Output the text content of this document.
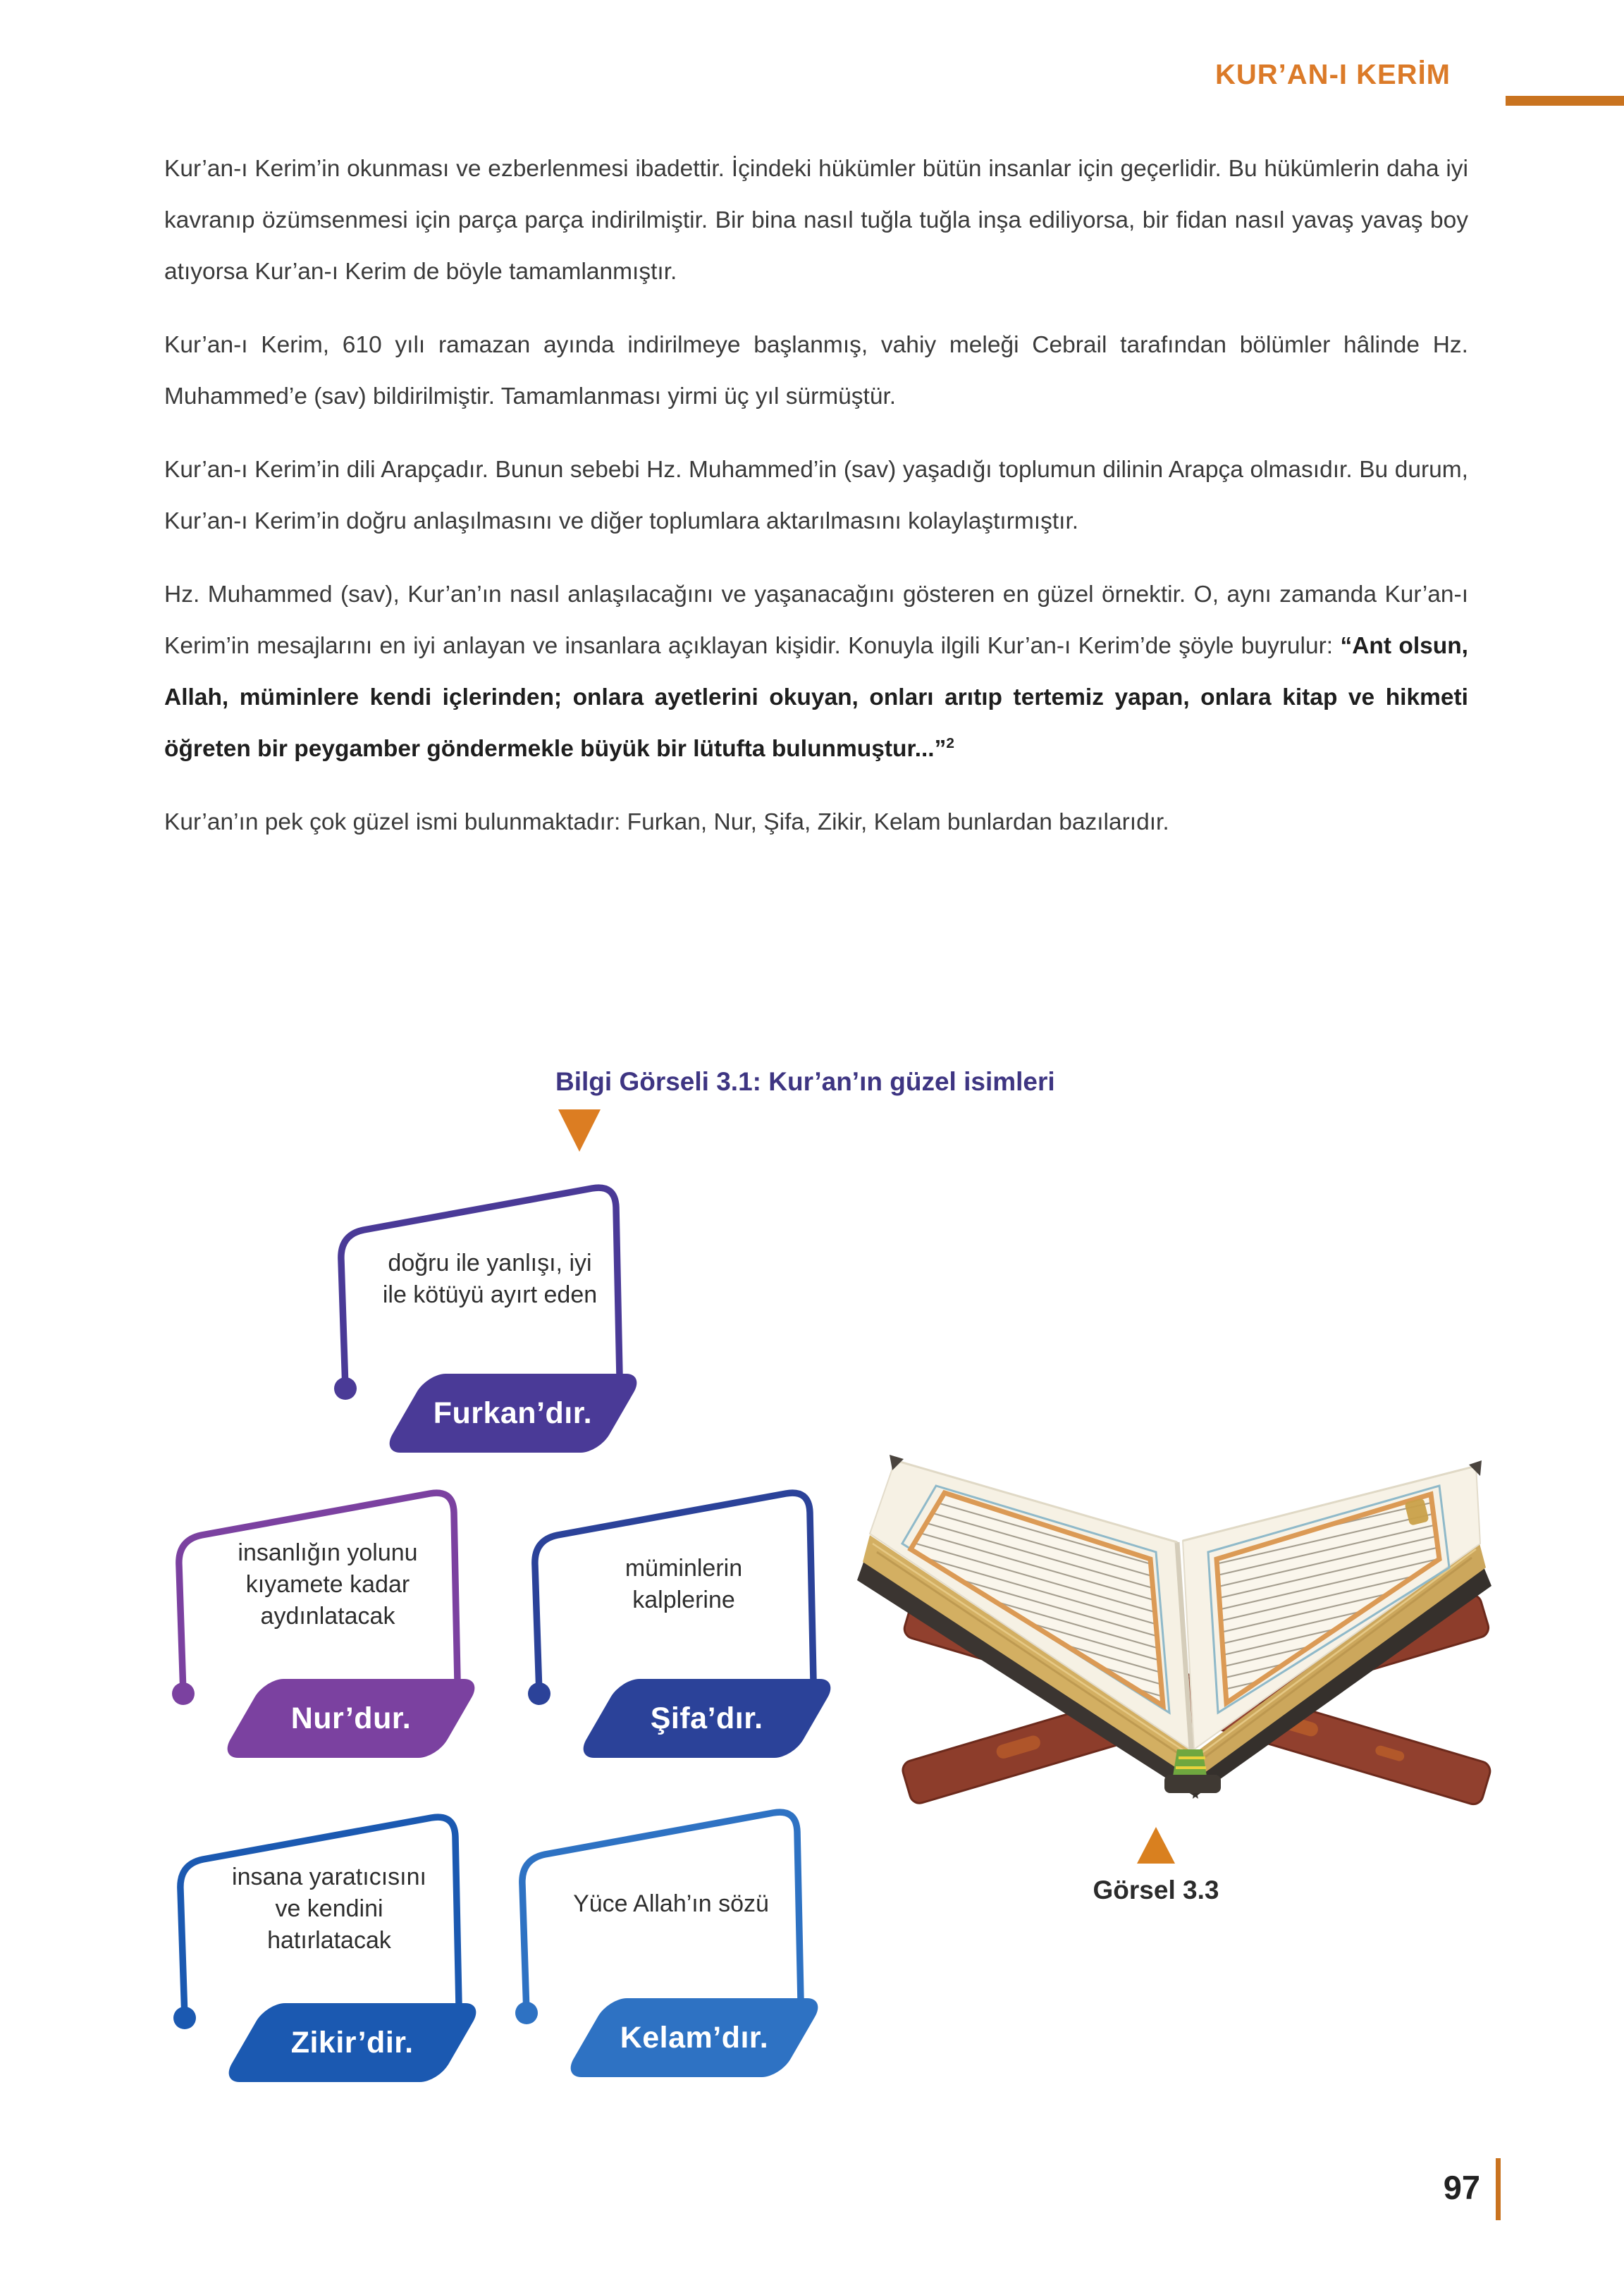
KUR’AN-I KERİM

Kur’an-ı Kerim’in okunması ve ezberlenmesi ibadettir. İçindeki hükümler bütün insanlar için geçerlidir. Bu hükümlerin daha iyi kavranıp özümsenmesi için parça parça indirilmiştir. Bir bina nasıl tuğla tuğla inşa ediliyorsa, bir fidan nasıl yavaş yavaş boy atıyorsa Kur’an-ı Kerim de böyle tamamlanmıştır.

Kur’an-ı Kerim, 610 yılı ramazan ayında indirilmeye başlanmış, vahiy meleği Cebrail tarafından bölümler hâlinde Hz. Muhammed’e (sav) bildirilmiştir. Tamamlanması yirmi üç yıl sürmüştür.

Kur’an-ı Kerim’in dili Arapçadır. Bunun sebebi Hz. Muhammed’in (sav) yaşadığı toplumun dilinin Arapça olmasıdır. Bu durum, Kur’an-ı Kerim’in doğru anlaşılmasını ve diğer toplumlara aktarılmasını kolaylaştırmıştır.

Hz. Muhammed (sav), Kur’an’ın nasıl anlaşılacağını ve yaşanacağını gösteren en güzel örnektir. O, aynı zamanda Kur’an-ı Kerim’in mesajlarını en iyi anlayan ve insanlara açıklayan kişidir. Konuyla ilgili Kur’an-ı Kerim’de şöyle buyrulur: “Ant olsun, Allah, müminlere kendi içlerinden; onlara ayetlerini okuyan, onları arıtıp tertemiz yapan, onlara kitap ve hikmeti öğreten bir peygamber göndermekle büyük bir lütufta bulunmuştur...”$^2$

Kur’an’ın pek çok güzel ismi bulunmaktadır: Furkan, Nur, Şifa, Zikir, Kelam bunlardan bazılarıdır.

Bilgi Görseli 3.1: Kur’an’ın güzel isimleri
doğru ile yanlışı, iyi ile kötüyü ayırt eden
Furkan’dır.
insanlığın yolunu kıyamete kadar aydınlatacak
Nur’dur.
müminlerin kalplerine
Şifa’dır.
insana yaratıcısını ve kendini hatırlatacak
Zikir’dir.
Yüce Allah’ın sözü
Kelam’dır.
Görsel 3.3
97
